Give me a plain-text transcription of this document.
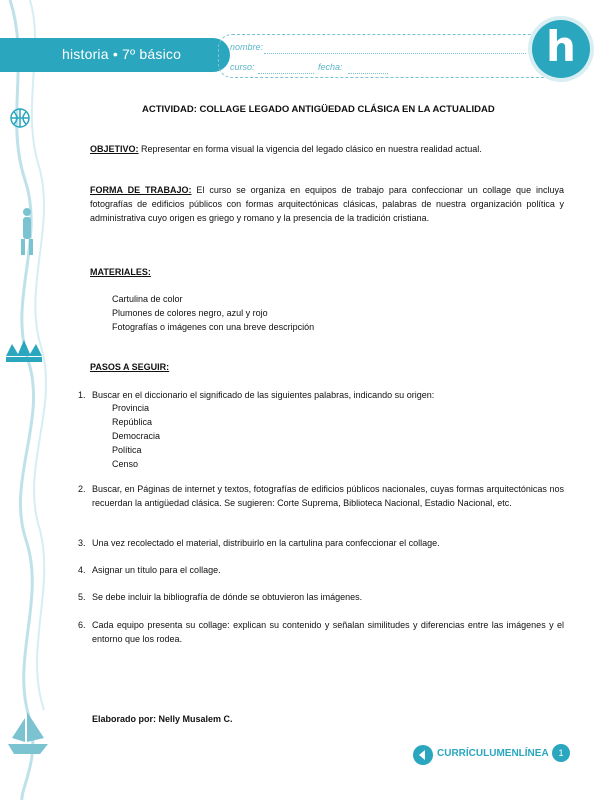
historia • 7º básico	nombre:
curso:	fecha:	h
ACTIVIDAD: COLLAGE LEGADO ANTIGÜEDAD CLÁSICA EN LA ACTUALIDAD
OBJETIVO: Representar en forma visual la vigencia del legado clásico en nuestra realidad actual.
FORMA DE TRABAJO: El curso se organiza en equipos de trabajo para confeccionar un collage que incluya fotografías de edificios públicos con formas arquitectónicas clásicas, palabras de nuestra organización política y administrativa cuyo origen es griego y romano y la presencia de la tradición cristiana.
MATERIALES:
Cartulina de color
Plumones de colores negro, azul y rojo
Fotografías o imágenes con una breve descripción
PASOS A SEGUIR:
1. Buscar en el diccionario el significado de las siguientes palabras, indicando su origen:
Provincia
República
Democracia
Política
Censo
2. Buscar, en Páginas de internet y textos, fotografías de edificios públicos nacionales, cuyas formas arquitectónicas nos recuerdan la antigüedad clásica. Se sugieren: Corte Suprema, Biblioteca Nacional, Estadio Nacional, etc.
3. Una vez recolectado el material, distribuirlo en la cartulina para confeccionar el collage.
4. Asignar un título para el collage.
5. Se debe incluir la bibliografía de dónde se obtuvieron las imágenes.
6. Cada equipo presenta su collage: explican su contenido y señalan similitudes y diferencias entre las imágenes y el entorno que los rodea.
Elaborado por: Nelly Musalem C.
CURRÍCULUMENLÍNEA	1
